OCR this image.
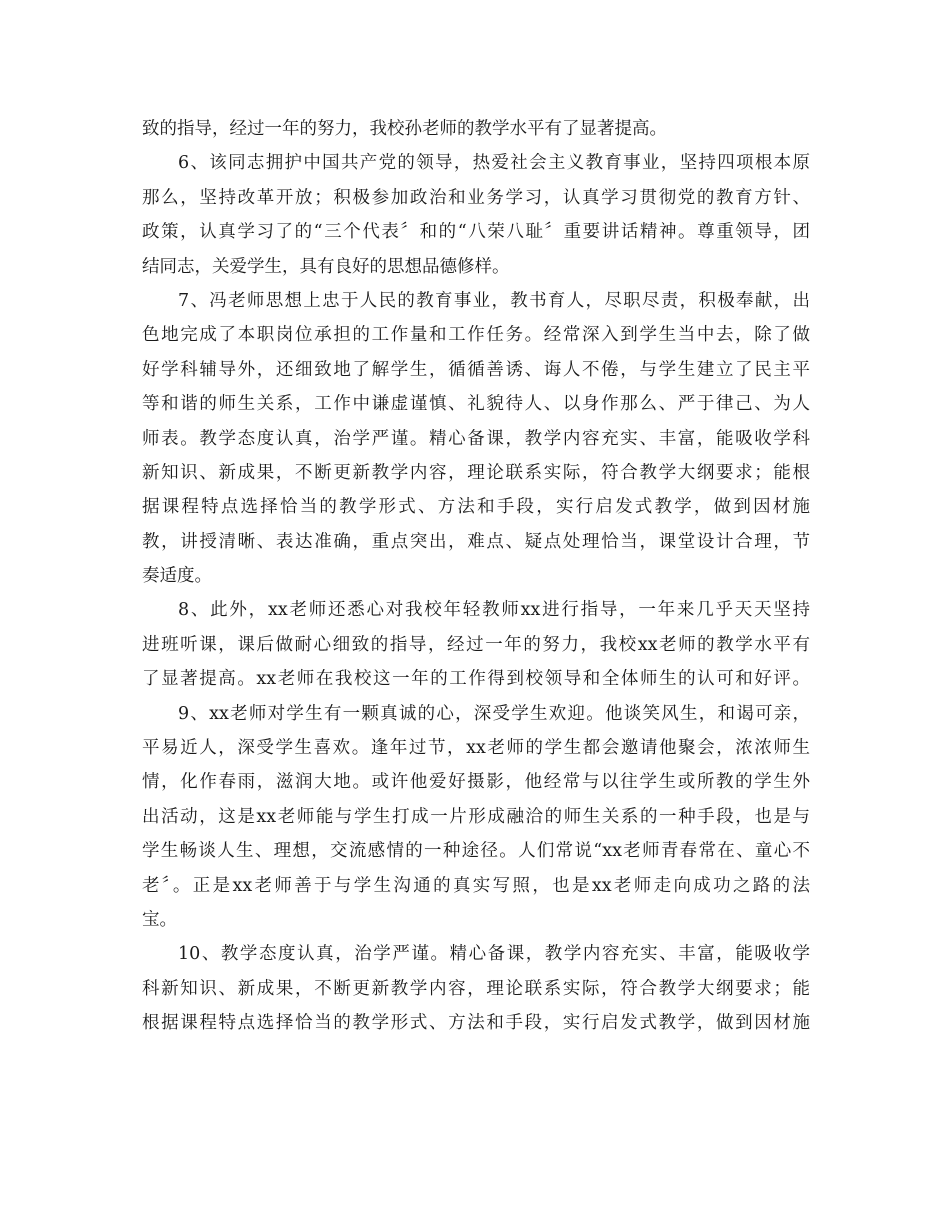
致的指导，经过一年的努力，我校孙老师的教学水平有了显著提高。
6、该同志拥护中国共产党的领导，热爱社会主义教育事业，坚持四项根本原
那么，坚持改革开放；积极参加政治和业务学习，认真学习贯彻党的教育方针、
政策，认真学习了的“三个代表〞和的“八荣八耻〞重要讲话精神。尊重领导，团
结同志，关爱学生，具有良好的思想品德修样。
7、冯老师思想上忠于人民的教育事业，教书育人，尽职尽责，积极奉献，出
色地完成了本职岗位承担的工作量和工作任务。经常深入到学生当中去，除了做
好学科辅导外，还细致地了解学生，循循善诱、诲人不倦，与学生建立了民主平
等和谐的师生关系，工作中谦虚谨慎、礼貌待人、以身作那么、严于律己、为人
师表。教学态度认真，治学严谨。精心备课，教学内容充实、丰富，能吸收学科
新知识、新成果，不断更新教学内容，理论联系实际，符合教学大纲要求；能根
据课程特点选择恰当的教学形式、方法和手段，实行启发式教学，做到因材施
教，讲授清晰、表达准确，重点突出，难点、疑点处理恰当，课堂设计合理，节
奏适度。
8、此外，xx老师还悉心对我校年轻教师xx进行指导，一年来几乎天天坚持
进班听课，课后做耐心细致的指导，经过一年的努力，我校xx老师的教学水平有
了显著提高。xx老师在我校这一年的工作得到校领导和全体师生的认可和好评。
9、xx老师对学生有一颗真诚的心，深受学生欢迎。他谈笑风生，和谒可亲，
平易近人，深受学生喜欢。逢年过节，xx老师的学生都会邀请他聚会，浓浓师生
情，化作春雨，滋润大地。或许他爱好摄影，他经常与以往学生或所教的学生外
出活动，这是xx老师能与学生打成一片形成融洽的师生关系的一种手段，也是与
学生畅谈人生、理想，交流感情的一种途径。人们常说“xx老师青春常在、童心不
老〞。正是xx老师善于与学生沟通的真实写照，也是xx老师走向成功之路的法
宝。
10、教学态度认真，治学严谨。精心备课，教学内容充实、丰富，能吸收学
科新知识、新成果，不断更新教学内容，理论联系实际，符合教学大纲要求；能
根据课程特点选择恰当的教学形式、方法和手段，实行启发式教学，做到因材施
